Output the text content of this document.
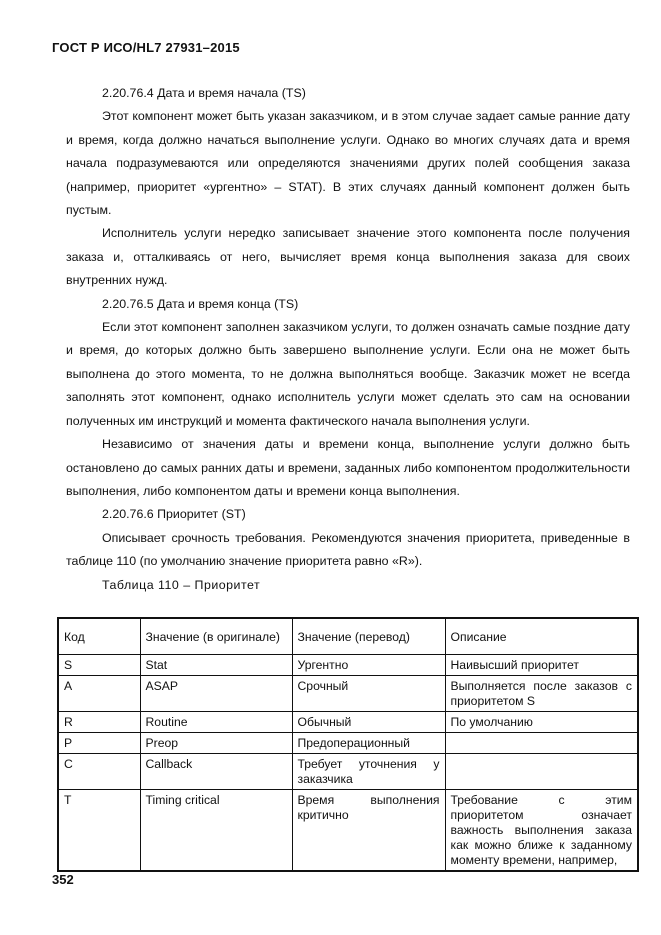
ГОСТ Р ИСО/HL7 27931–2015

2.20.76.4 Дата и время начала (TS)

Этот компонент может быть указан заказчиком, и в этом случае задает самые ранние дату и время, когда должно начаться выполнение услуги. Однако во многих случаях дата и время начала подразумеваются или определяются значениями других полей сообщения заказа (например, приоритет «ургентно» – STAT). В этих случаях данный компонент должен быть пустым.

Исполнитель услуги нередко записывает значение этого компонента после получения заказа и, отталкиваясь от него, вычисляет время конца выполнения заказа для своих внутренних нужд.

2.20.76.5 Дата и время конца (TS)

Если этот компонент заполнен заказчиком услуги, то должен означать самые поздние дату и время, до которых должно быть завершено выполнение услуги. Если она не может быть выполнена до этого момента, то не должна выполняться вообще. Заказчик может не всегда заполнять этот компонент, однако исполнитель услуги может сделать это сам на основании полученных им инструкций и момента фактического начала выполнения услуги.

Независимо от значения даты и времени конца, выполнение услуги должно быть остановлено до самых ранних даты и времени, заданных либо компонентом продолжительности выполнения, либо компонентом даты и времени конца выполнения.

2.20.76.6 Приоритет (ST)

Описывает срочность требования. Рекомендуются значения приоритета, приведенные в таблице 110 (по умолчанию значение приоритета равно «R»).

Таблица 110 – Приоритет

Код	Значение (в оригинале)	Значение (перевод)	Описание
S	Stat	Ургентно	Наивысший приоритет
A	ASAP	Срочный	Выполняется после заказов с приоритетом S
R	Routine	Обычный	По умолчанию
P	Preop	Предоперационный	
C	Callback	Требует уточнения у заказчика	
T	Timing critical	Время выполнения критично	Требование с этим приоритетом означает важность выполнения заказа как можно ближе к заданному моменту времени, например,
352
